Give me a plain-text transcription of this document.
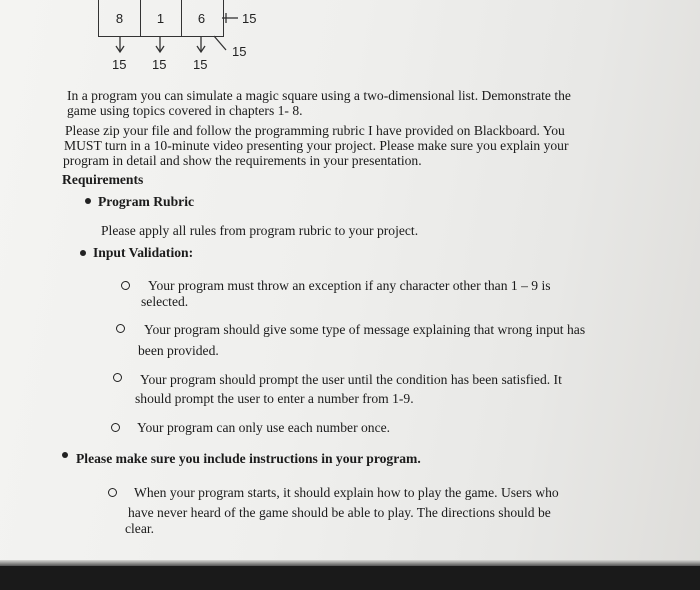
8	1	6	15
15
15 15 15
In a program you can simulate a magic square using a two-dimensional list. Demonstrate the
game using topics covered in chapters 1- 8.
Please zip your file and follow the programming rubric I have provided on Blackboard. You
MUST turn in a 10-minute video presenting your project. Please make sure you explain your
program in detail and show the requirements in your presentation.
Requirements
Program Rubric
Please apply all rules from program rubric to your project.
Input Validation:
Your program must throw an exception if any character other than 1 – 9 is
selected.
Your program should give some type of message explaining that wrong input has
been provided.
Your program should prompt the user until the condition has been satisfied. It
should prompt the user to enter a number from 1-9.
Your program can only use each number once.
Please make sure you include instructions in your program.
When your program starts, it should explain how to play the game. Users who
have never heard of the game should be able to play. The directions should be
clear.
